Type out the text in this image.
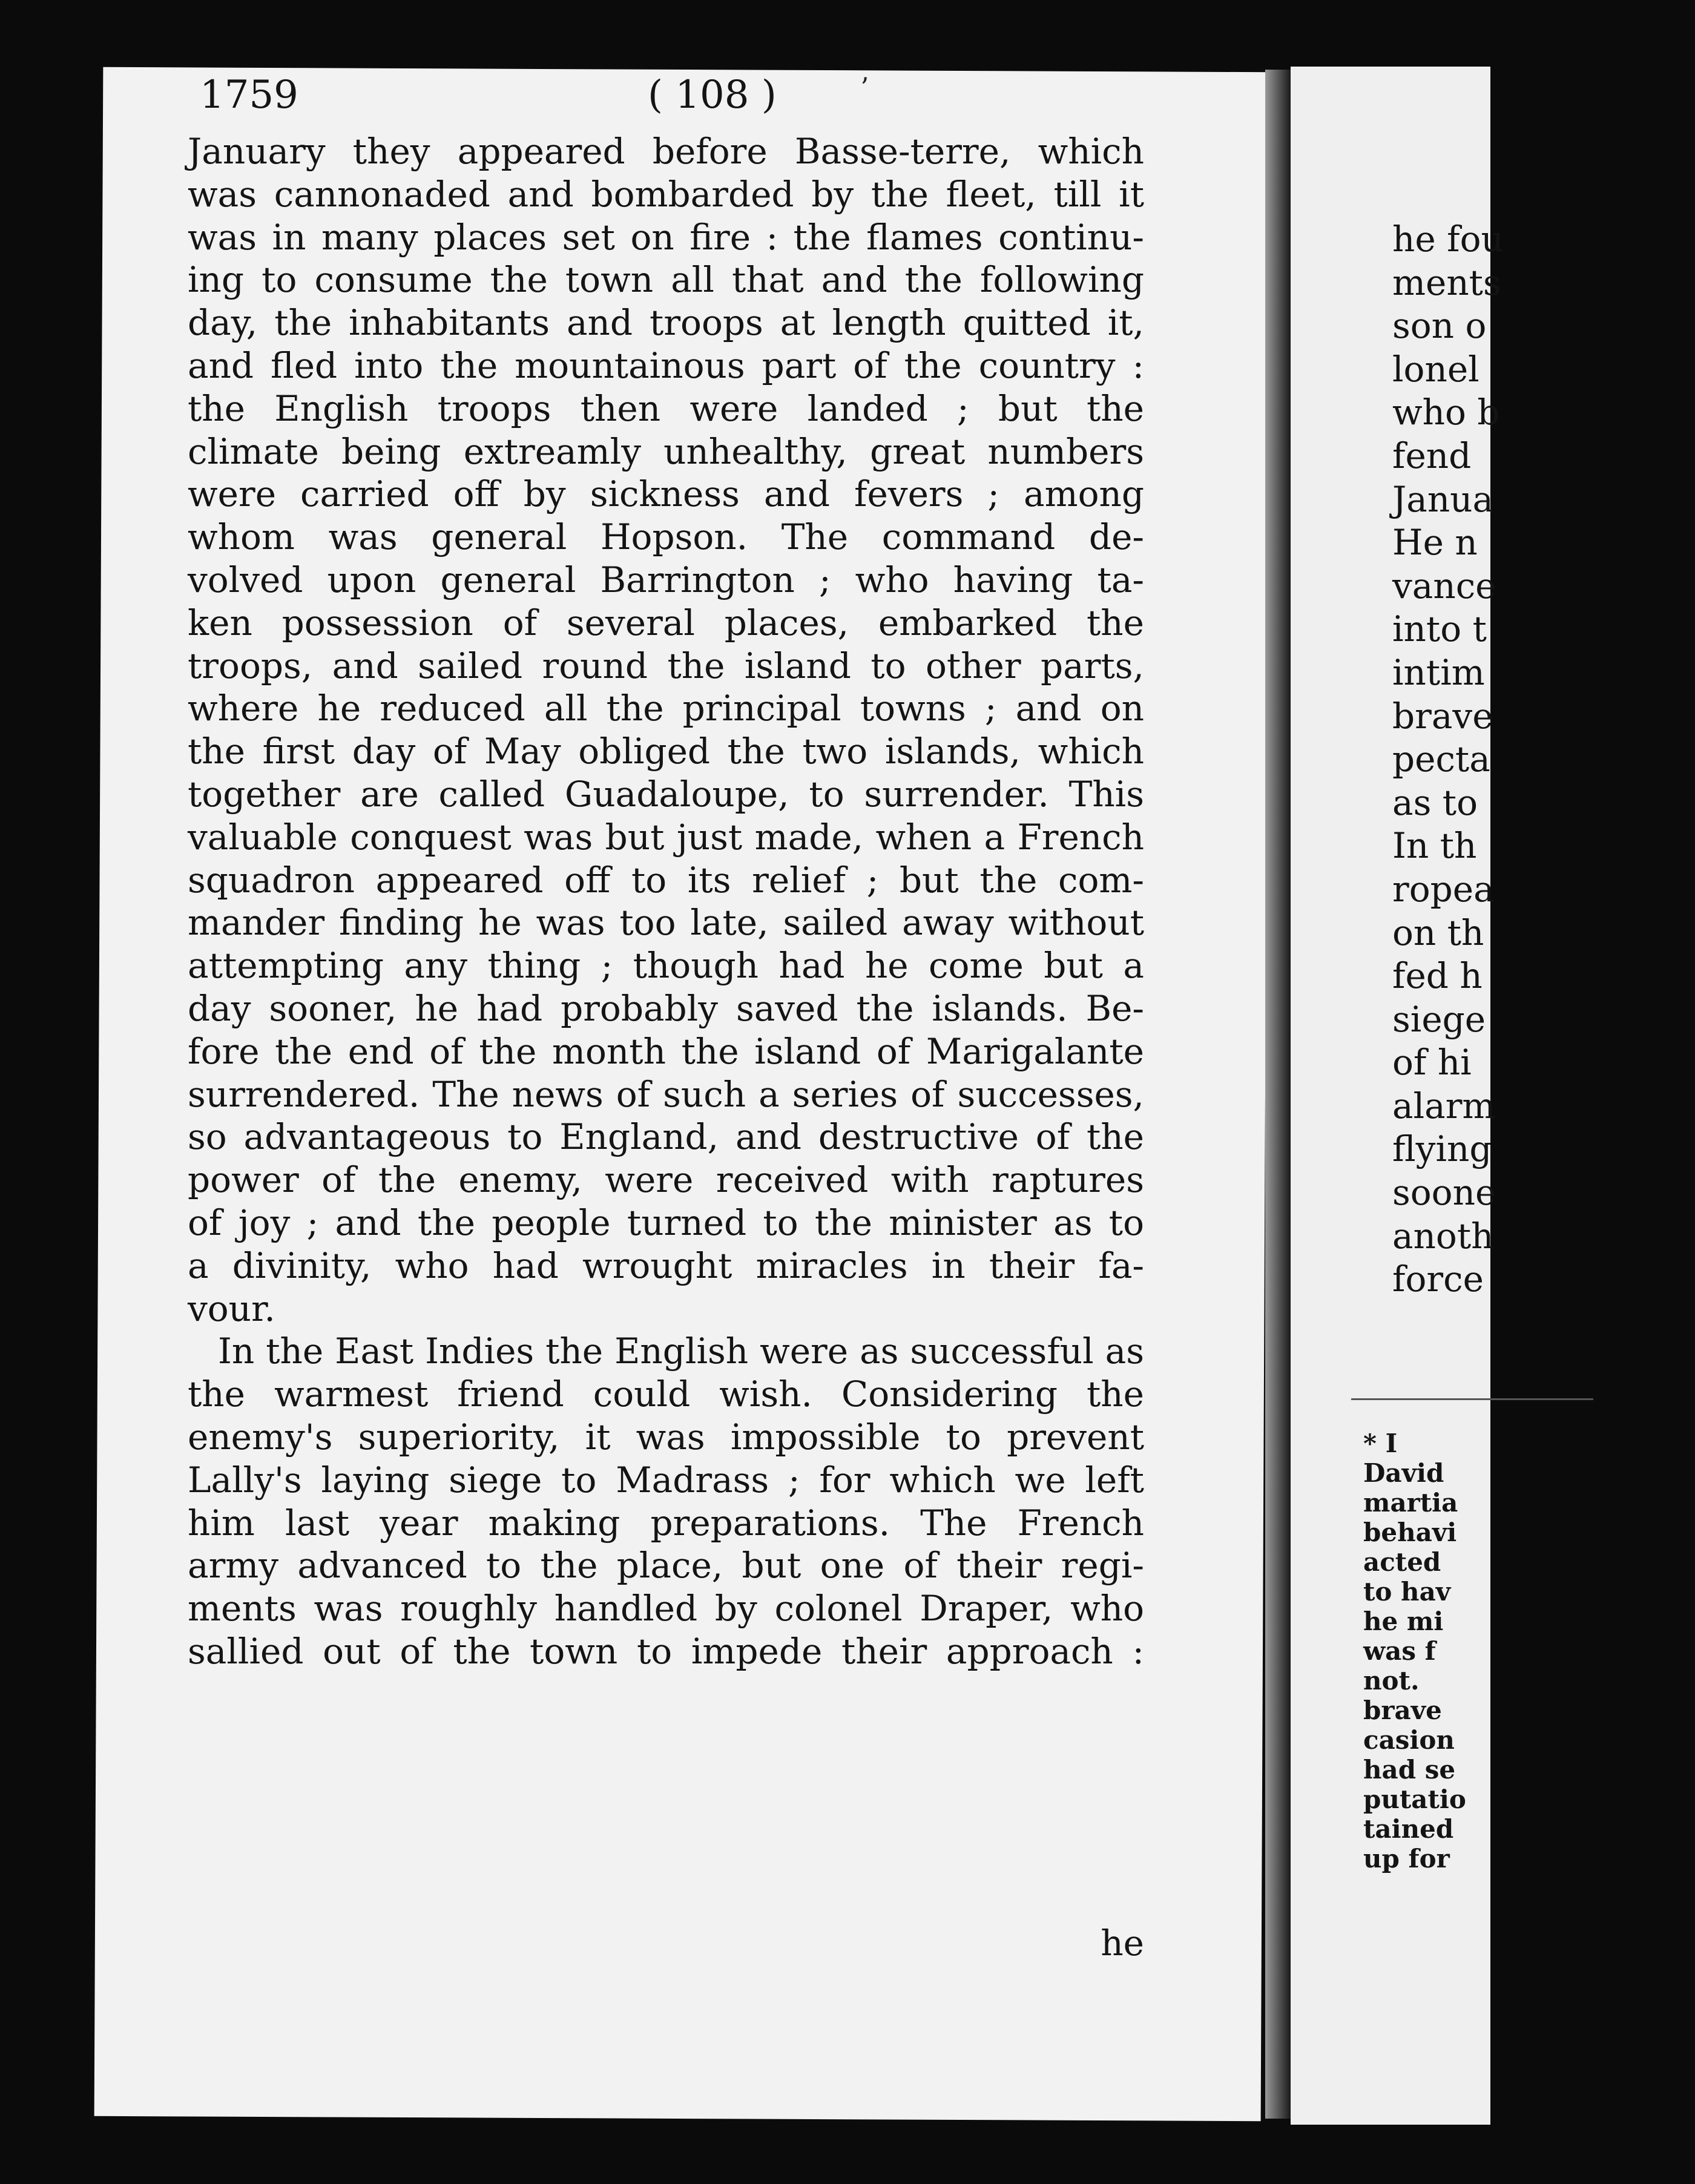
he fou
ments
son o
lonel
who b
fend
Janua
He n
vance
into t
intim
brave
pecta
as to
In th
ropea
on th
fed h
siege
of hi
alarm
flying
soone
anoth
force
* I
David
martia
behavi
acted
to hav
he mi
was f
not.
brave
casion
had se
putatio
tained
up for
1759	( 108 )
January they appeared before Basse-terre, which
was cannonaded and bombarded by the fleet, till it
was in many places set on fire : the flames continu-
ing to consume the town all that and the following
day, the inhabitants and troops at length quitted it,
and fled into the mountainous part of the country :
the English troops then were landed ; but the
climate being extreamly unhealthy, great numbers
were carried off by sickness and fevers ; among
whom was general Hopson. The command de-
volved upon general Barrington ; who having ta-
ken possession of several places, embarked the
troops, and sailed round the island to other parts,
where he reduced all the principal towns ; and on
the first day of May obliged the two islands, which
together are called Guadaloupe, to surrender. This
valuable conquest was but just made, when a French
squadron appeared off to its relief ; but the com-
mander finding he was too late, sailed away without
attempting any thing ; though had he come but a
day sooner, he had probably saved the islands. Be-
fore the end of the month the island of Marigalante
surrendered. The news of such a series of successes,
so advantageous to England, and destructive of the
power of the enemy, were received with raptures
of joy ; and the people turned to the minister as to
a divinity, who had wrought miracles in their fa-
vour.
In the East Indies the English were as successful as
the warmest friend could wish. Considering the
enemy's superiority, it was impossible to prevent
Lally's laying siege to Madrass ; for which we left
him last year making preparations. The French
army advanced to the place, but one of their regi-
ments was roughly handled by colonel Draper, who
sallied out of the town to impede their approach :
he
ʼ
